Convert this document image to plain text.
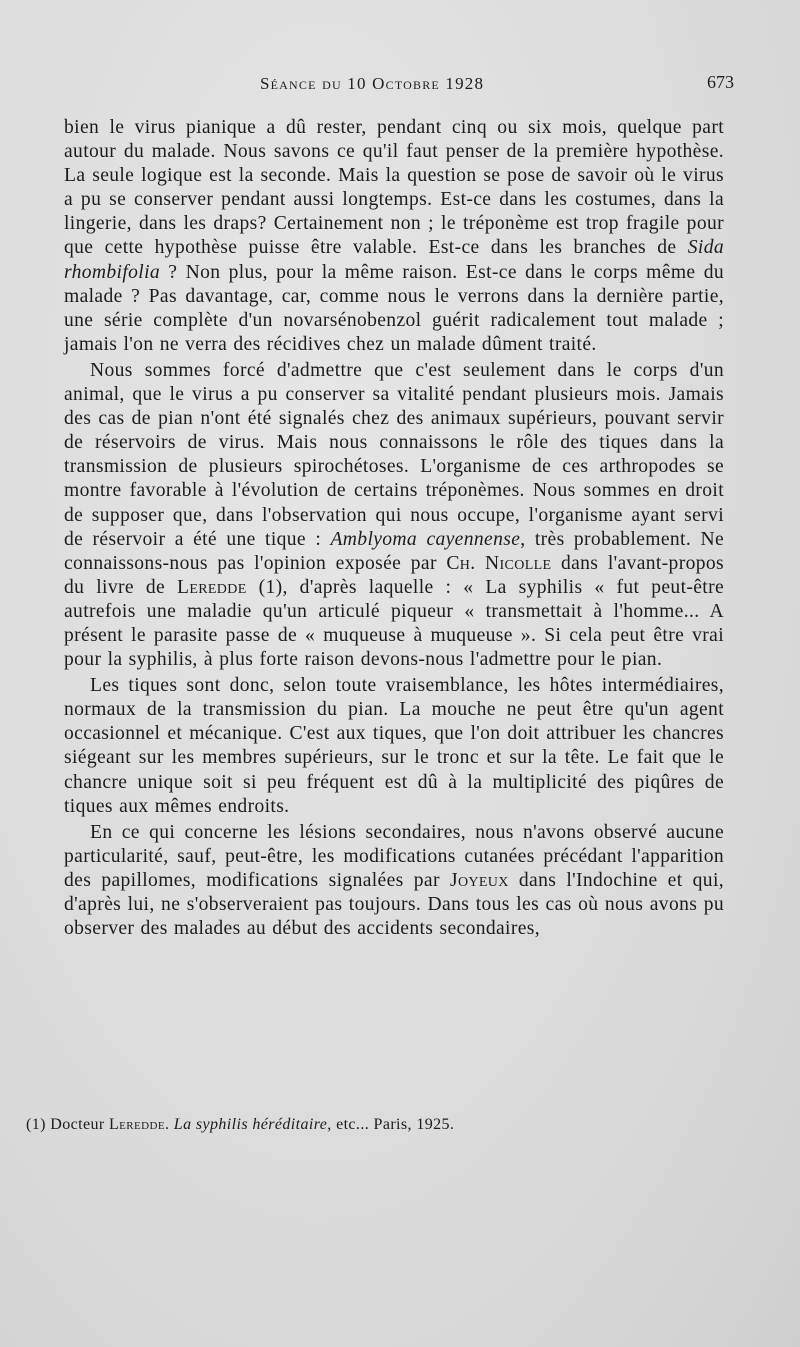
Séance du 10 Octobre 1928	673

bien le virus pianique a dû rester, pendant cinq ou six mois, quelque part autour du malade. Nous savons ce qu'il faut penser de la première hypothèse. La seule logique est la seconde. Mais la question se pose de savoir où le virus a pu se conserver pendant aussi longtemps. Est-ce dans les costumes, dans la lingerie, dans les draps? Certainement non ; le tréponème est trop fragile pour que cette hypothèse puisse être valable. Est-ce dans les branches de Sida rhombifolia ? Non plus, pour la même raison. Est-ce dans le corps même du malade ? Pas davantage, car, comme nous le verrons dans la dernière partie, une série complète d'un novarsénobenzol guérit radicalement tout malade ; jamais l'on ne verra des récidives chez un malade dûment traité.

Nous sommes forcé d'admettre que c'est seulement dans le corps d'un animal, que le virus a pu conserver sa vitalité pendant plusieurs mois. Jamais des cas de pian n'ont été signalés chez des animaux supérieurs, pouvant servir de réservoirs de virus. Mais nous connaissons le rôle des tiques dans la transmission de plusieurs spirochétoses. L'organisme de ces arthropodes se montre favorable à l'évolution de certains tréponèmes. Nous sommes en droit de supposer que, dans l'observation qui nous occupe, l'organisme ayant servi de réservoir a été une tique : Amblyoma cayennense, très probablement. Ne connaissons-nous pas l'opinion exposée par Ch. Nicolle dans l'avant-propos du livre de Leredde (1), d'après laquelle : « La syphilis « fut peut-être autrefois une maladie qu'un articulé piqueur « transmettait à l'homme... A présent le parasite passe de « muqueuse à muqueuse ». Si cela peut être vrai pour la syphilis, à plus forte raison devons-nous l'admettre pour le pian.

Les tiques sont donc, selon toute vraisemblance, les hôtes intermédiaires, normaux de la transmission du pian. La mouche ne peut être qu'un agent occasionnel et mécanique. C'est aux tiques, que l'on doit attribuer les chancres siégeant sur les membres supérieurs, sur le tronc et sur la tête. Le fait que le chancre unique soit si peu fréquent est dû à la multiplicité des piqûres de tiques aux mêmes endroits.

En ce qui concerne les lésions secondaires, nous n'avons observé aucune particularité, sauf, peut-être, les modifications cutanées précédant l'apparition des papillomes, modifications signalées par Joyeux dans l'Indochine et qui, d'après lui, ne s'observeraient pas toujours. Dans tous les cas où nous avons pu observer des malades au début des accidents secondaires,

(1) Docteur Leredde. La syphilis héréditaire, etc... Paris, 1925.
